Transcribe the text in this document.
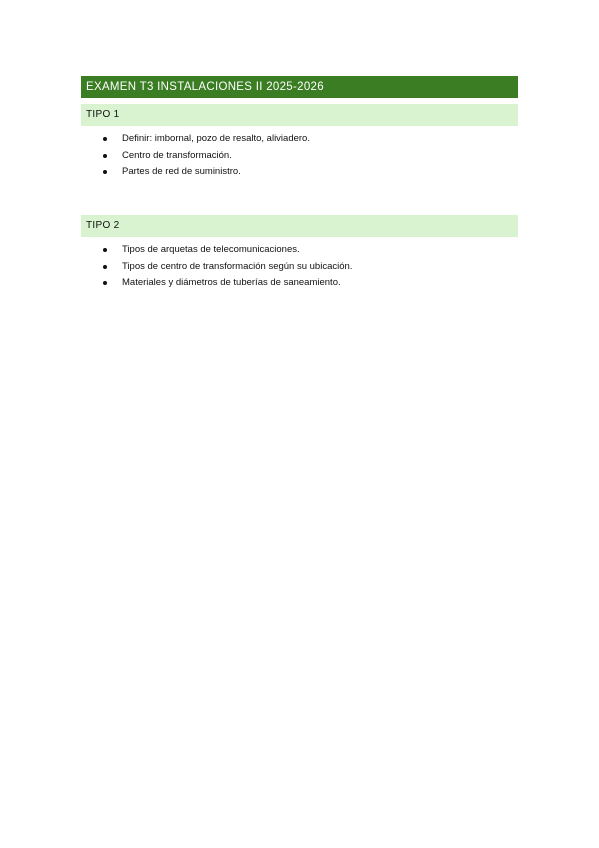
EXAMEN T3 INSTALACIONES II 2025-2026
TIPO 1
Definir: imbornal, pozo de resalto, aliviadero.
Centro de transformación.
Partes de red de suministro.
TIPO 2
Tipos de arquetas de telecomunicaciones.
Tipos de centro de transformación según su ubicación.
Materiales y diámetros de tuberías de saneamiento.
